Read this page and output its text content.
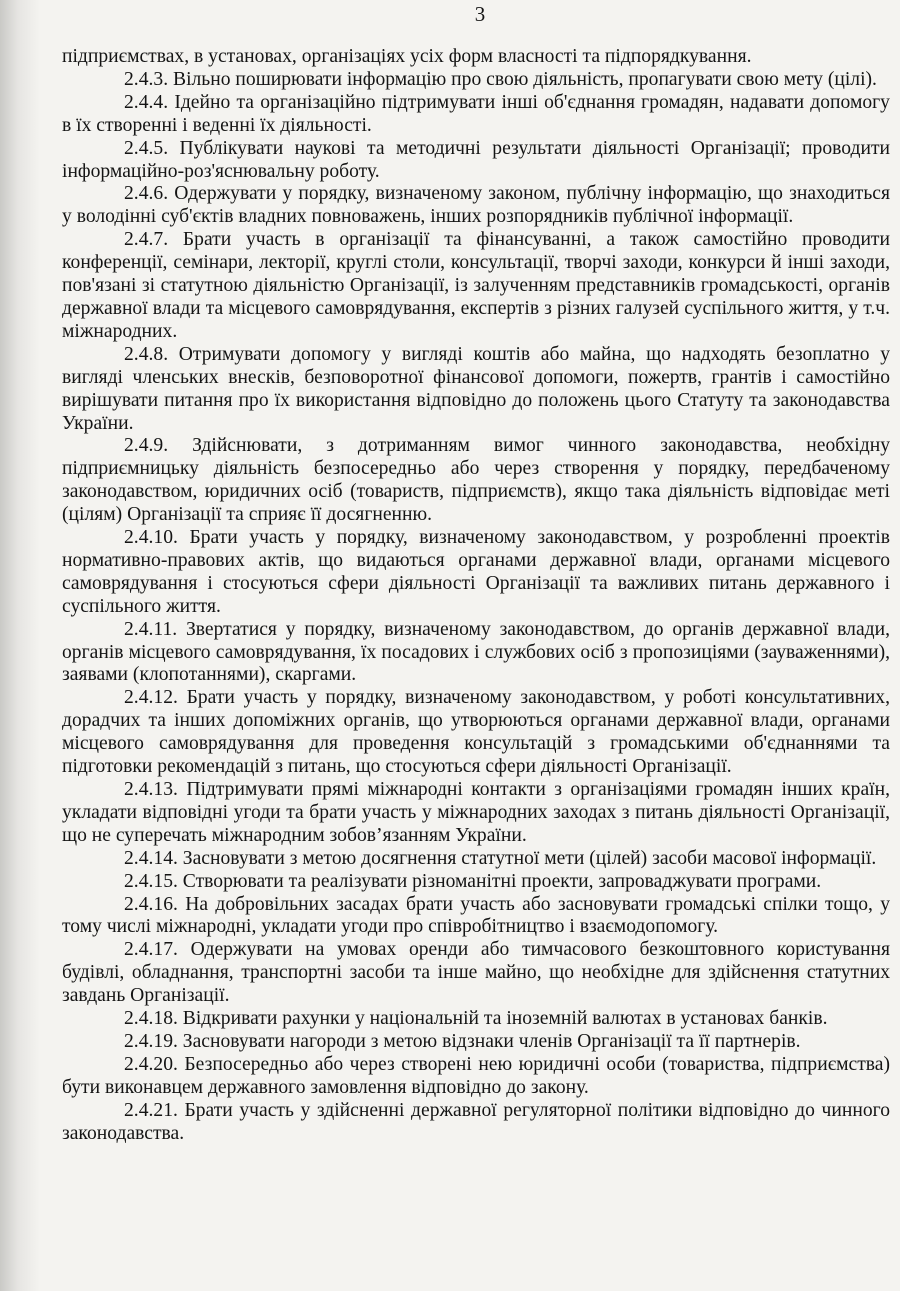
3

підприємствах, в установах, організаціях усіх форм власності та підпорядкування.

2.4.3. Вільно поширювати інформацію про свою діяльність, пропагувати свою мету (цілі).

2.4.4. Ідейно та організаційно підтримувати інші об'єднання громадян, надавати допомогу в їх створенні і веденні їх діяльності.

2.4.5. Публікувати наукові та методичні результати діяльності Організації; проводити інформаційно-роз'яснювальну роботу.

2.4.6. Одержувати у порядку, визначеному законом, публічну інформацію, що знаходиться у володінні суб'єктів владних повноважень, інших розпорядників публічної інформації.

2.4.7. Брати участь в організації та фінансуванні, а також самостійно проводити конференції, семінари, лекторії, круглі столи, консультації, творчі заходи, конкурси й інші заходи, пов'язані зі статутною діяльністю Організації, із залученням представників громадськості, органів державної влади та місцевого самоврядування, експертів з різних галузей суспільного життя, у т.ч. міжнародних.

2.4.8. Отримувати допомогу у вигляді коштів або майна, що надходять безоплатно у вигляді членських внесків, безповоротної фінансової допомоги, пожертв, грантів і самостійно вирішувати питання про їх використання відповідно до положень цього Статуту та законодавства України.

2.4.9. Здійснювати, з дотриманням вимог чинного законодавства, необхідну підприємницьку діяльність безпосередньо або через створення у порядку, передбаченому законодавством, юридичних осіб (товариств, підприємств), якщо така діяльність відповідає меті (цілям) Організації та сприяє її досягненню.

2.4.10. Брати участь у порядку, визначеному законодавством, у розробленні проектів нормативно-правових актів, що видаються органами державної влади, органами місцевого самоврядування і стосуються сфери діяльності Організації та важливих питань державного і суспільного життя.

2.4.11. Звертатися у порядку, визначеному законодавством, до органів державної влади, органів місцевого самоврядування, їх посадових і службових осіб з пропозиціями (зауваженнями), заявами (клопотаннями), скаргами.

2.4.12. Брати участь у порядку, визначеному законодавством, у роботі консультативних, дорадчих та інших допоміжних органів, що утворюються органами державної влади, органами місцевого самоврядування для проведення консультацій з громадськими об'єднаннями та підготовки рекомендацій з питань, що стосуються сфери діяльності Організації.

2.4.13. Підтримувати прямі міжнародні контакти з організаціями громадян інших країн, укладати відповідні угоди та брати участь у міжнародних заходах з питань діяльності Організації, що не суперечать міжнародним зобов’язанням України.

2.4.14. Засновувати з метою досягнення статутної мети (цілей) засоби масової інформації.

2.4.15. Створювати та реалізувати різноманітні проекти, запроваджувати програми.

2.4.16. На добровільних засадах брати участь або засновувати громадські спілки тощо, у тому числі міжнародні, укладати угоди про співробітництво і взаємодопомогу.

2.4.17. Одержувати на умовах оренди або тимчасового безкоштовного користування будівлі, обладнання, транспортні засоби та інше майно, що необхідне для здійснення статутних завдань Організації.

2.4.18. Відкривати рахунки у національній та іноземній валютах в установах банків.

2.4.19. Засновувати нагороди з метою відзнаки членів Організації та її партнерів.

2.4.20. Безпосередньо або через створені нею юридичні особи (товариства, підприємства) бути виконавцем державного замовлення відповідно до закону.

2.4.21. Брати участь у здійсненні державної регуляторної політики відповідно до чинного законодавства.
